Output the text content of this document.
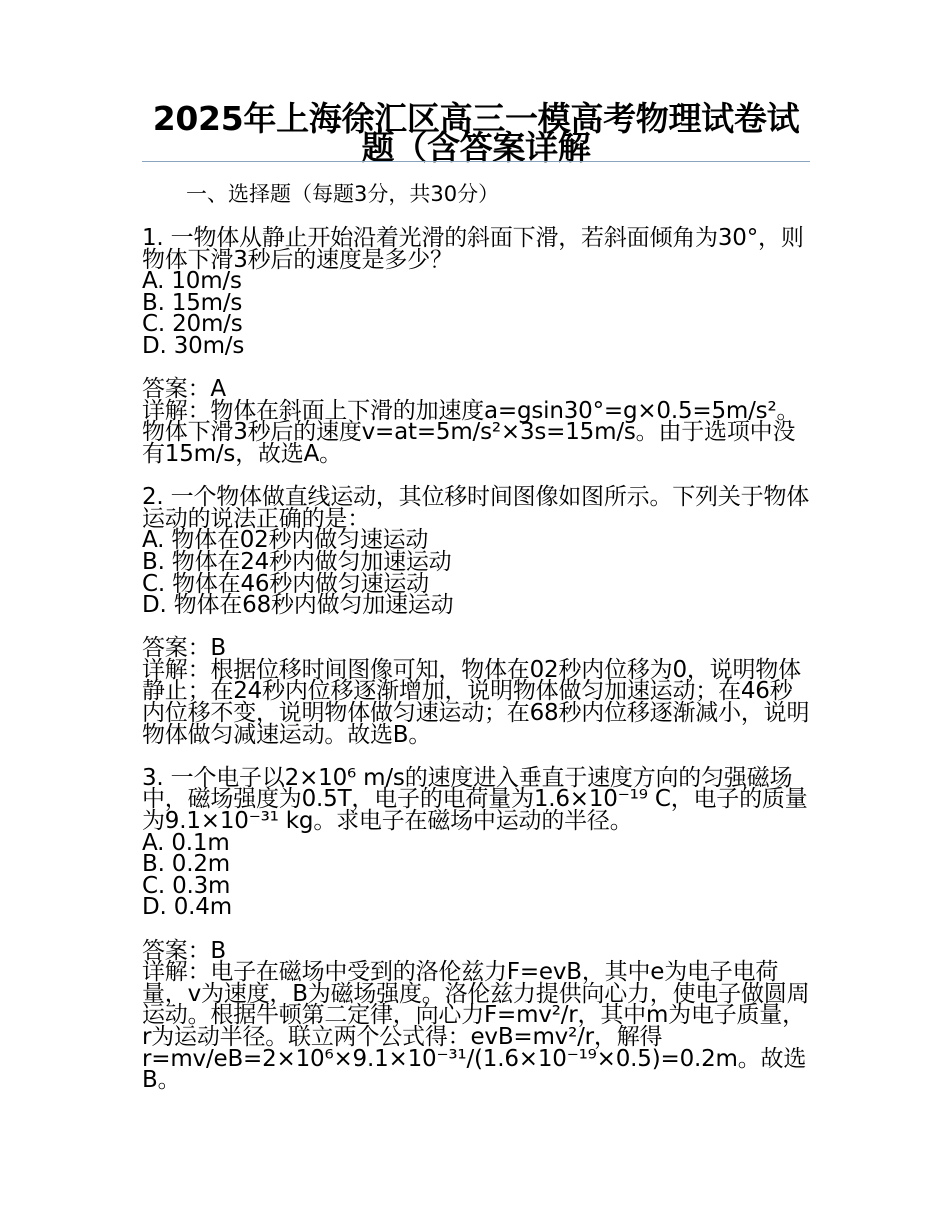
2025年上海徐汇区高三一模高考物理试卷试题（含答案详解
一、选择题（每题3分，共30分）

1. 一物体从静止开始沿着光滑的斜面下滑，若斜面倾角为30°，则物体下滑3秒后的速度是多少？

A. 10m/s

B. 15m/s

C. 20m/s

D. 30m/s

答案：A

详解：物体在斜面上下滑的加速度a=gsin30°=g×0.5=5m/s²。物体下滑3秒后的速度v=at=5m/s²×3s=15m/s。由于选项中没有15m/s，故选A。

2. 一个物体做直线运动，其位移时间图像如图所示。下列关于物体运动的说法正确的是：

A. 物体在02秒内做匀速运动

B. 物体在24秒内做匀加速运动

C. 物体在46秒内做匀速运动

D. 物体在68秒内做匀加速运动

答案：B

详解：根据位移时间图像可知，物体在02秒内位移为0，说明物体静止；在24秒内位移逐渐增加，说明物体做匀加速运动；在46秒内位移不变，说明物体做匀速运动；在68秒内位移逐渐减小，说明物体做匀减速运动。故选B。

3. 一个电子以2×10⁶ m/s的速度进入垂直于速度方向的匀强磁场中，磁场强度为0.5T，电子的电荷量为1.6×10⁻¹⁹ C，电子的质量为9.1×10⁻³¹ kg。求电子在磁场中运动的半径。

A. 0.1m

B. 0.2m

C. 0.3m

D. 0.4m

答案：B

详解：电子在磁场中受到的洛伦兹力F=evB，其中e为电子电荷量，v为速度，B为磁场强度。洛伦兹力提供向心力，使电子做圆周运动。根据牛顿第二定律，向心力F=mv²/r，其中m为电子质量，r为运动半径。联立两个公式得：evB=mv²/r，解得r=mv/eB=2×10⁶×9.1×10⁻³¹/(1.6×10⁻¹⁹×0.5)=0.2m。故选B。
